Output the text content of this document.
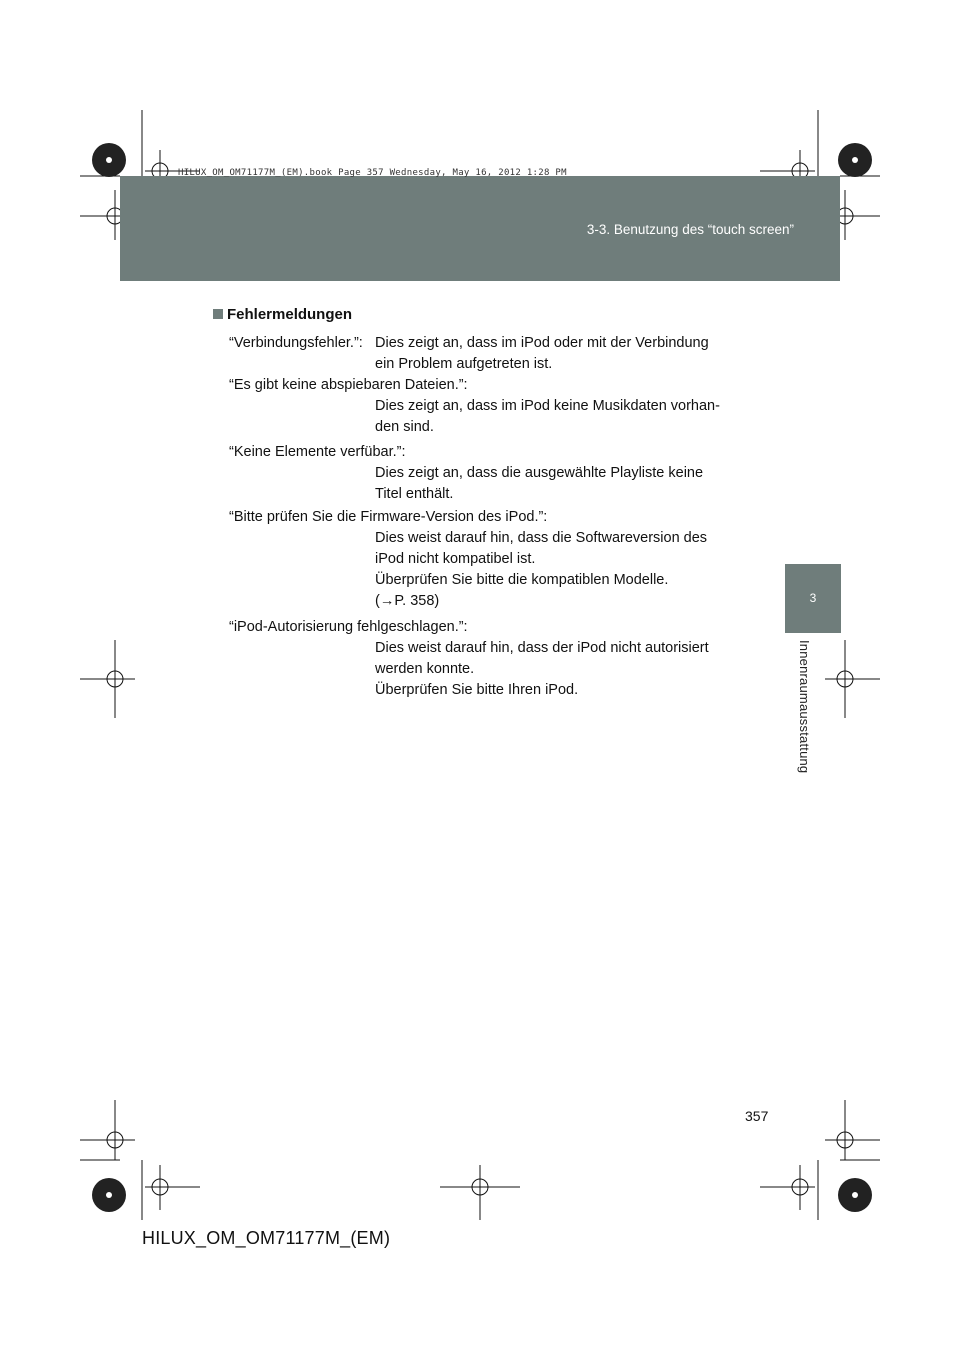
3-3. Benutzung des “touch screen”
HILUX_OM_OM71177M_(EM).book Page 357 Wednesday, May 16, 2012 1:28 PM
3
Innenraumausstattung
Fehlermeldungen
“Verbindungsfehler.”: Dies zeigt an, dass im iPod oder mit der Verbindung
ein Problem aufgetreten ist.
“Es gibt keine abspiebaren Dateien.”:
Dies zeigt an, dass im iPod keine Musikdaten vorhan-
den sind.
“Keine Elemente verfübar.”:
Dies zeigt an, dass die ausgewählte Playliste keine
Titel enthält.
“Bitte prüfen Sie die Firmware-Version des iPod.”:
Dies weist darauf hin, dass die Softwareversion des
iPod nicht kompatibel ist.
Überprüfen Sie bitte die kompatiblen Modelle.
(→P. 358)
“iPod-Autorisierung fehlgeschlagen.”:
Dies weist darauf hin, dass der iPod nicht autorisiert
werden konnte.
Überprüfen Sie bitte Ihren iPod.
357
HILUX_OM_OM71177M_(EM)
